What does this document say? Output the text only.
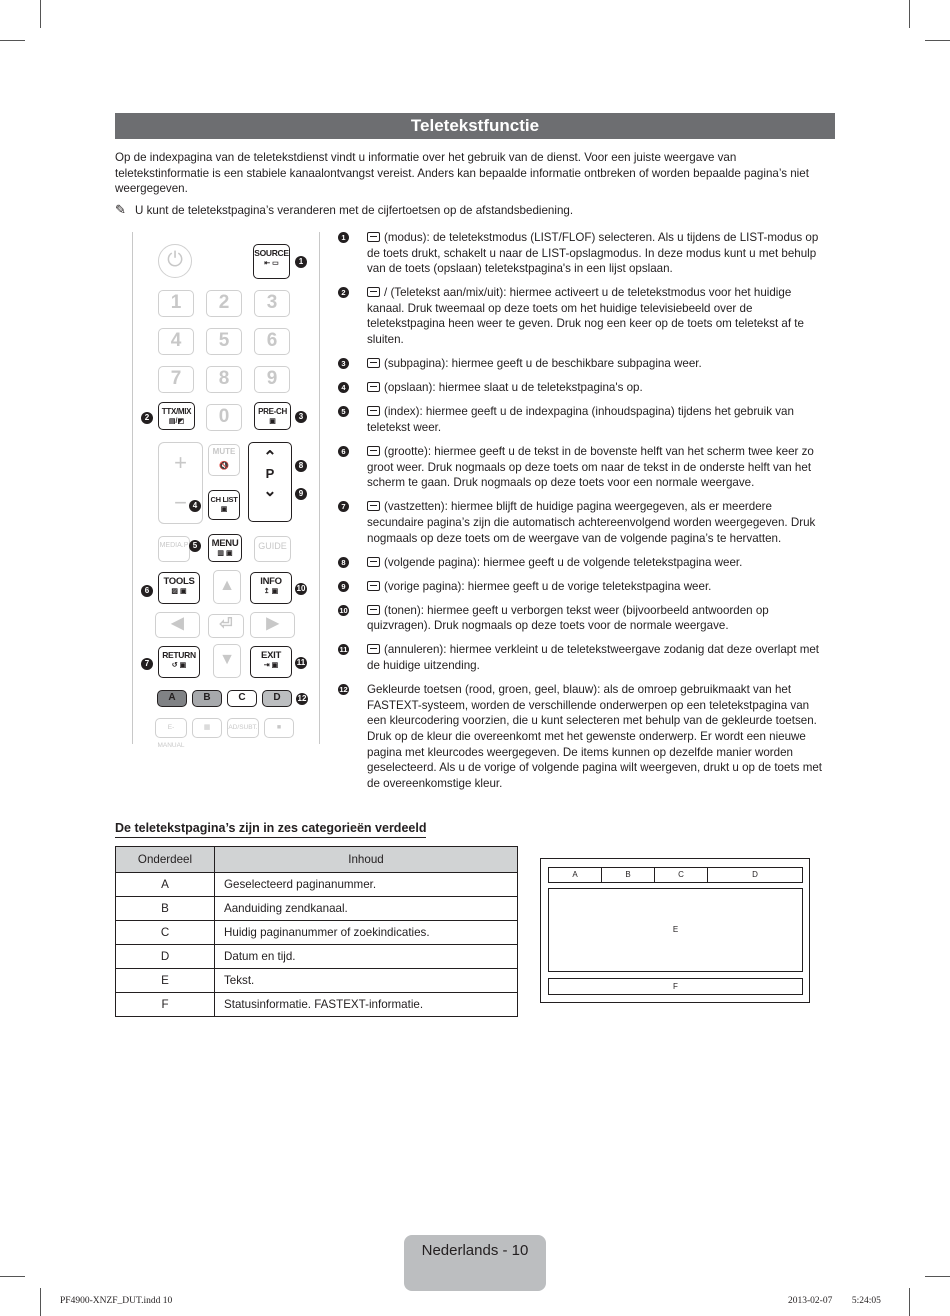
Teletekstfunctie
Op de indexpagina van de teletekstdienst vindt u informatie over het gebruik van de dienst. Voor een juiste weergave van teletekstinformatie is een stabiele kanaalontvangst vereist. Anders kan bepaalde informatie ontbreken of worden bepaalde pagina’s niet weergegeven.
✎ U kunt de teletekstpagina’s veranderen met de cijfertoetsen op de afstandsbediening.
⏻	SOURCE
⇤ ▭	1
1	2	3
4	5	6
7	8	9
2
TTX/MIX
▤/◩	0	PRE-CH
▣
3
+
−
MUTE
🔇
CH LIST
▣
4
⌃
P
⌄
8
9
MEDIA.P 5	MENU
▥ ▣
GUIDE
6
TOOLS
▨ ▣	▲	INFO
↥ ▣	10
◀	⏎	▶
7
RETURN
↺ ▣	▼	EXIT
⇥ ▣	11
A	B	C	D	12
E-MANUAL
▦	AD/SUBT.	■
1	(modus): de teletekstmodus (LIST/FLOF) selecteren. Als u tijdens de LIST-modus op de toets drukt, schakelt u naar de LIST-opslagmodus. In deze modus kunt u met behulp van de toets (opslaan) teletekstpagina's in een lijst opslaan.
2	/ (Teletekst aan/mix/uit): hiermee activeert u de teletekstmodus voor het huidige kanaal. Druk tweemaal op deze toets om het huidige televisiebeeld over de teletekstpagina heen weer te geven. Druk nog een keer op de toets om teletekst af te sluiten.
3	(subpagina): hiermee geeft u de beschikbare subpagina weer.
4	(opslaan): hiermee slaat u de teletekstpagina's op.
5	(index): hiermee geeft u de indexpagina (inhoudspagina) tijdens het gebruik van teletekst weer.
6	(grootte): hiermee geeft u de tekst in de bovenste helft van het scherm twee keer zo groot weer. Druk nogmaals op deze toets om naar de tekst in de onderste helft van het scherm te gaan. Druk nogmaals op deze toets voor een normale weergave.
7	(vastzetten): hiermee blijft de huidige pagina weergegeven, als er meerdere secundaire pagina’s zijn die automatisch achtereenvolgend worden weergegeven. Druk nogmaals op deze toets om de weergave van de volgende pagina’s te hervatten.
8	(volgende pagina): hiermee geeft u de volgende teletekstpagina weer.
9	(vorige pagina): hiermee geeft u de vorige teletekstpagina weer.
10	(tonen): hiermee geeft u verborgen tekst weer (bijvoorbeeld antwoorden op quizvragen). Druk nogmaals op deze toets voor de normale weergave.
11	(annuleren): hiermee verkleint u de teletekstweergave zodanig dat deze overlapt met de huidige uitzending.
12 Gekleurde toetsen (rood, groen, geel, blauw): als de omroep gebruikmaakt van het FASTEXT-systeem, worden de verschillende onderwerpen op een teletekstpagina van een kleurcodering voorzien, die u kunt selecteren met behulp van de gekleurde toetsen. Druk op de kleur die overeenkomt met het gewenste onderwerp. Er wordt een nieuwe pagina met kleurcodes weergegeven. De items kunnen op dezelfde manier worden geselecteerd. Als u de vorige of volgende pagina wilt weergeven, drukt u op de toets met de overeenkomstige kleur.
De teletekstpagina’s zijn in zes categorieën verdeeld
Onderdeel	Inhoud
A	Geselecteerd paginanummer.
B	Aanduiding zendkanaal.
C	Huidig paginanummer of zoekindicaties.
D	Datum en tijd.
E	Tekst.
F	Statusinformatie. FASTEXT-informatie.
A	B	C	D
E
F
Nederlands - 10
PF4900-XNZF_DUT.indd 10	2013-02-07 ￿￿ 5:24:05
